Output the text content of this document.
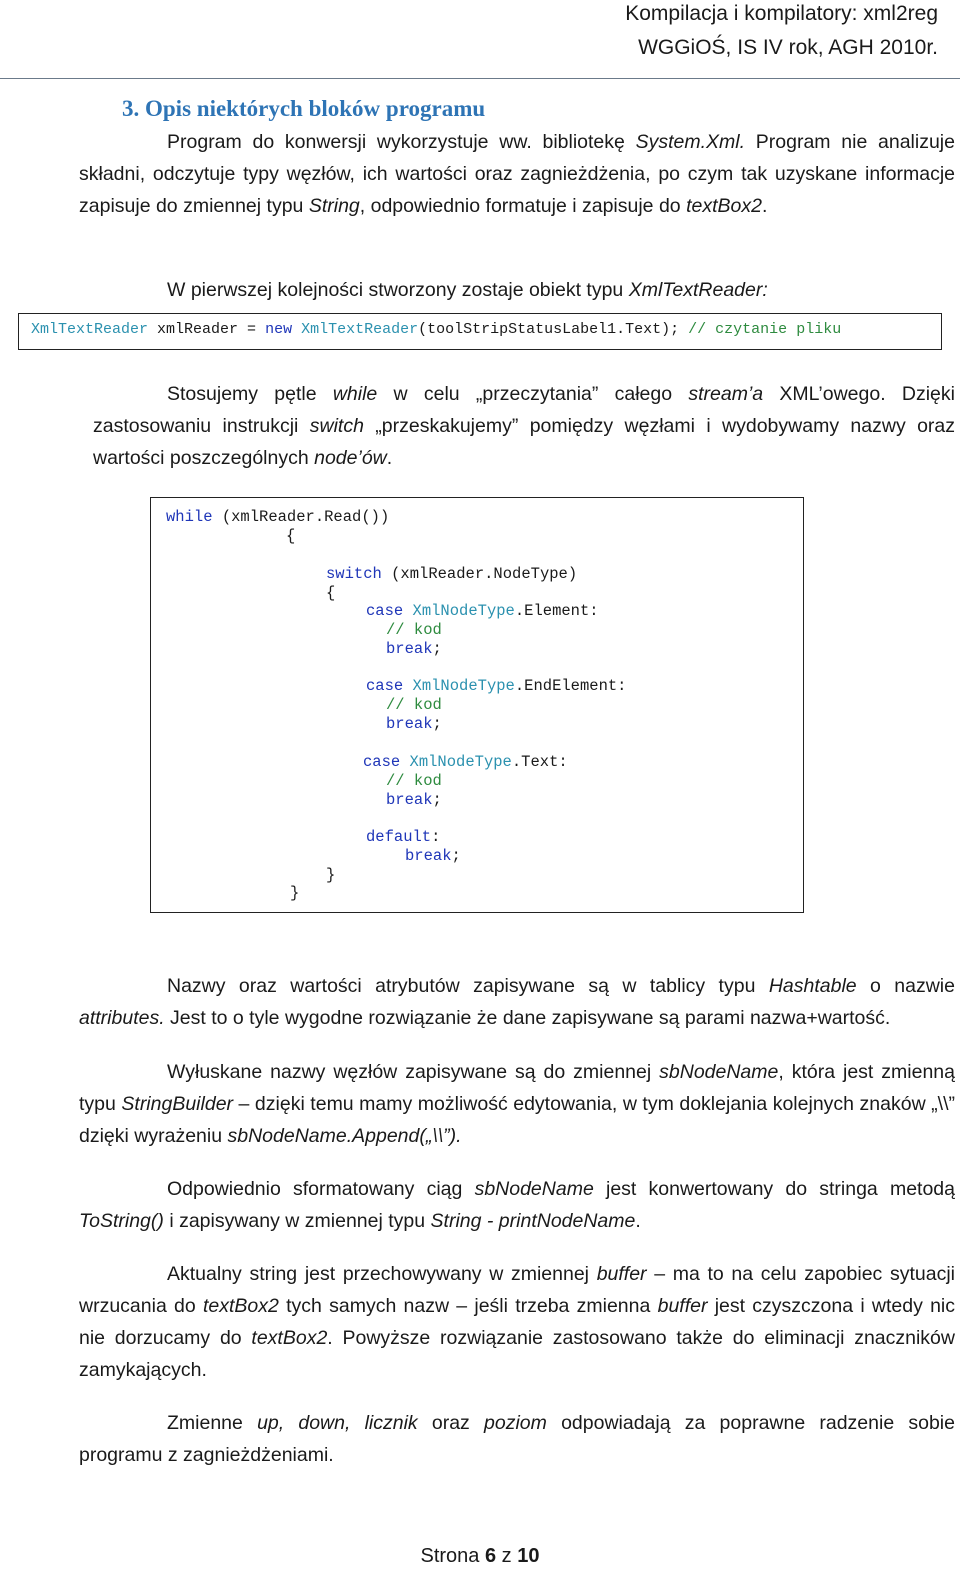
Kompilacja i kompilatory: xml2reg
WGGiOŚ, IS IV rok, AGH 2010r.
3. Opis niektórych bloków programu
Program do konwersji wykorzystuje ww. bibliotekę System.Xml. Program nie analizuje składni, odczytuje typy węzłów, ich wartości oraz zagnieżdżenia, po czym tak uzyskane informacje zapisuje do zmiennej typu String, odpowiednio formatuje i zapisuje do textBox2.
W pierwszej kolejności stworzony zostaje obiekt typu XmlTextReader:
XmlTextReader xmlReader = new XmlTextReader(toolStripStatusLabel1.Text); // czytanie pliku
Stosujemy pętle while w celu „przeczytania” całego stream’a XML’owego. Dzięki zastosowaniu instrukcji switch „przeskakujemy” pomiędzy węzłami i wydobywamy nazwy oraz wartości poszczególnych node’ów.
while (xmlReader.Read())
{
switch (xmlReader.NodeType)
{
case XmlNodeType.Element:
// kod
break;
case XmlNodeType.EndElement:
// kod
break;
case XmlNodeType.Text:
// kod
break;
default:
break;
}
}
Nazwy oraz wartości atrybutów zapisywane są w tablicy typu Hashtable o nazwie attributes. Jest to o tyle wygodne rozwiązanie że dane zapisywane są parami nazwa+wartość.
Wyłuskane nazwy węzłów zapisywane są do zmiennej sbNodeName, która jest zmienną typu StringBuilder – dzięki temu mamy możliwość edytowania, w tym doklejania kolejnych znaków „\\” dzięki wyrażeniu sbNodeName.Append(„\\”).
Odpowiednio sformatowany ciąg sbNodeName jest konwertowany do stringa metodą ToString() i zapisywany w zmiennej typu String - printNodeName.
Aktualny string jest przechowywany w zmiennej buffer – ma to na celu zapobiec sytuacji wrzucania do textBox2 tych samych nazw – jeśli trzeba zmienna buffer jest czyszczona i wtedy nic nie dorzucamy do textBox2. Powyższe rozwiązanie zastosowano także do eliminacji znaczników zamykających.
Zmienne up, down, licznik oraz poziom odpowiadają za poprawne radzenie sobie programu z zagnieżdżeniami.
Strona 6 z 10
